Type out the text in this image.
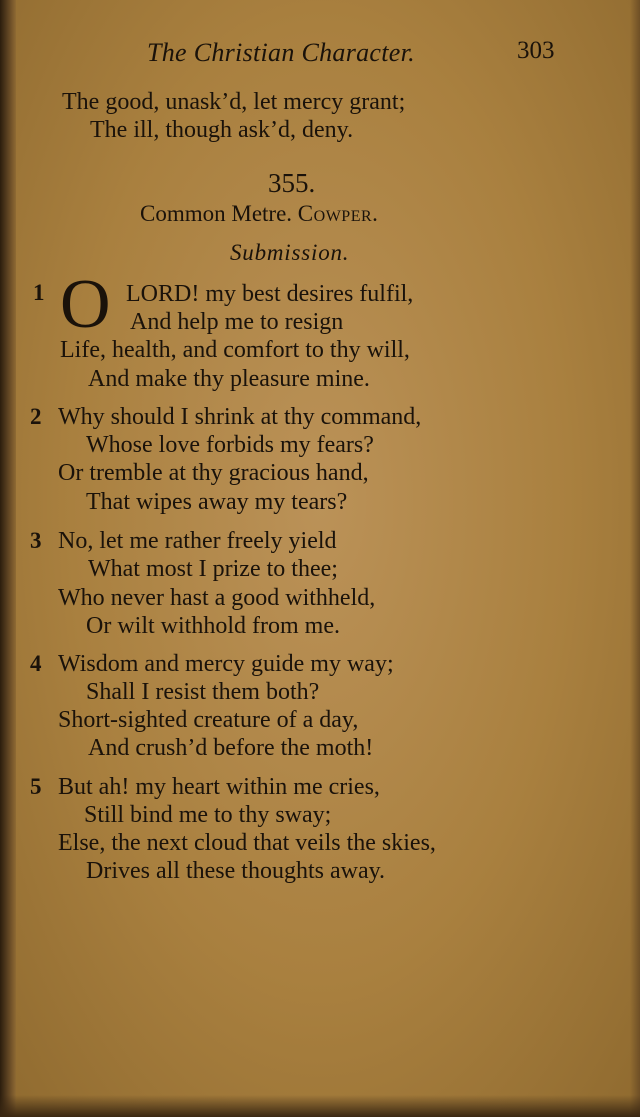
The Christian Character.	303
The good, unask’d, let mercy grant;
The ill, though ask’d, deny.
355.
Common Metre. Cowper.
Submission.
1 O LORD! my best desires fulfil,
And help me to resign
Life, health, and comfort to thy will,
And make thy pleasure mine.
2 Why should I shrink at thy command,
Whose love forbids my fears?
Or tremble at thy gracious hand,
That wipes away my tears?
3 No, let me rather freely yield
What most I prize to thee;
Who never hast a good withheld,
Or wilt withhold from me.
4 Wisdom and mercy guide my way;
Shall I resist them both?
Short-sighted creature of a day,
And crush’d before the moth!
5 But ah! my heart within me cries,
Still bind me to thy sway;
Else, the next cloud that veils the skies,
Drives all these thoughts away.
